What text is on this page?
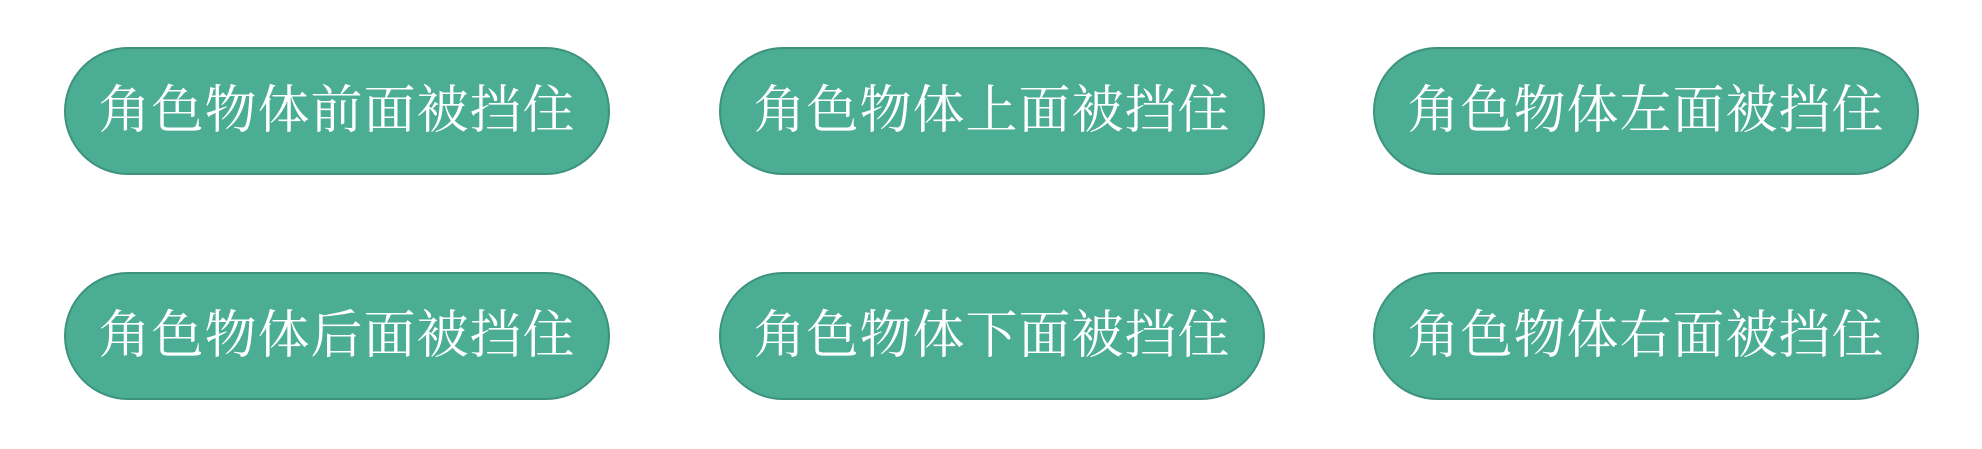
角色物体前面被挡住	角色物体上面被挡住	角色物体左面被挡住
角色物体后面被挡住	角色物体下面被挡住	角色物体右面被挡住
